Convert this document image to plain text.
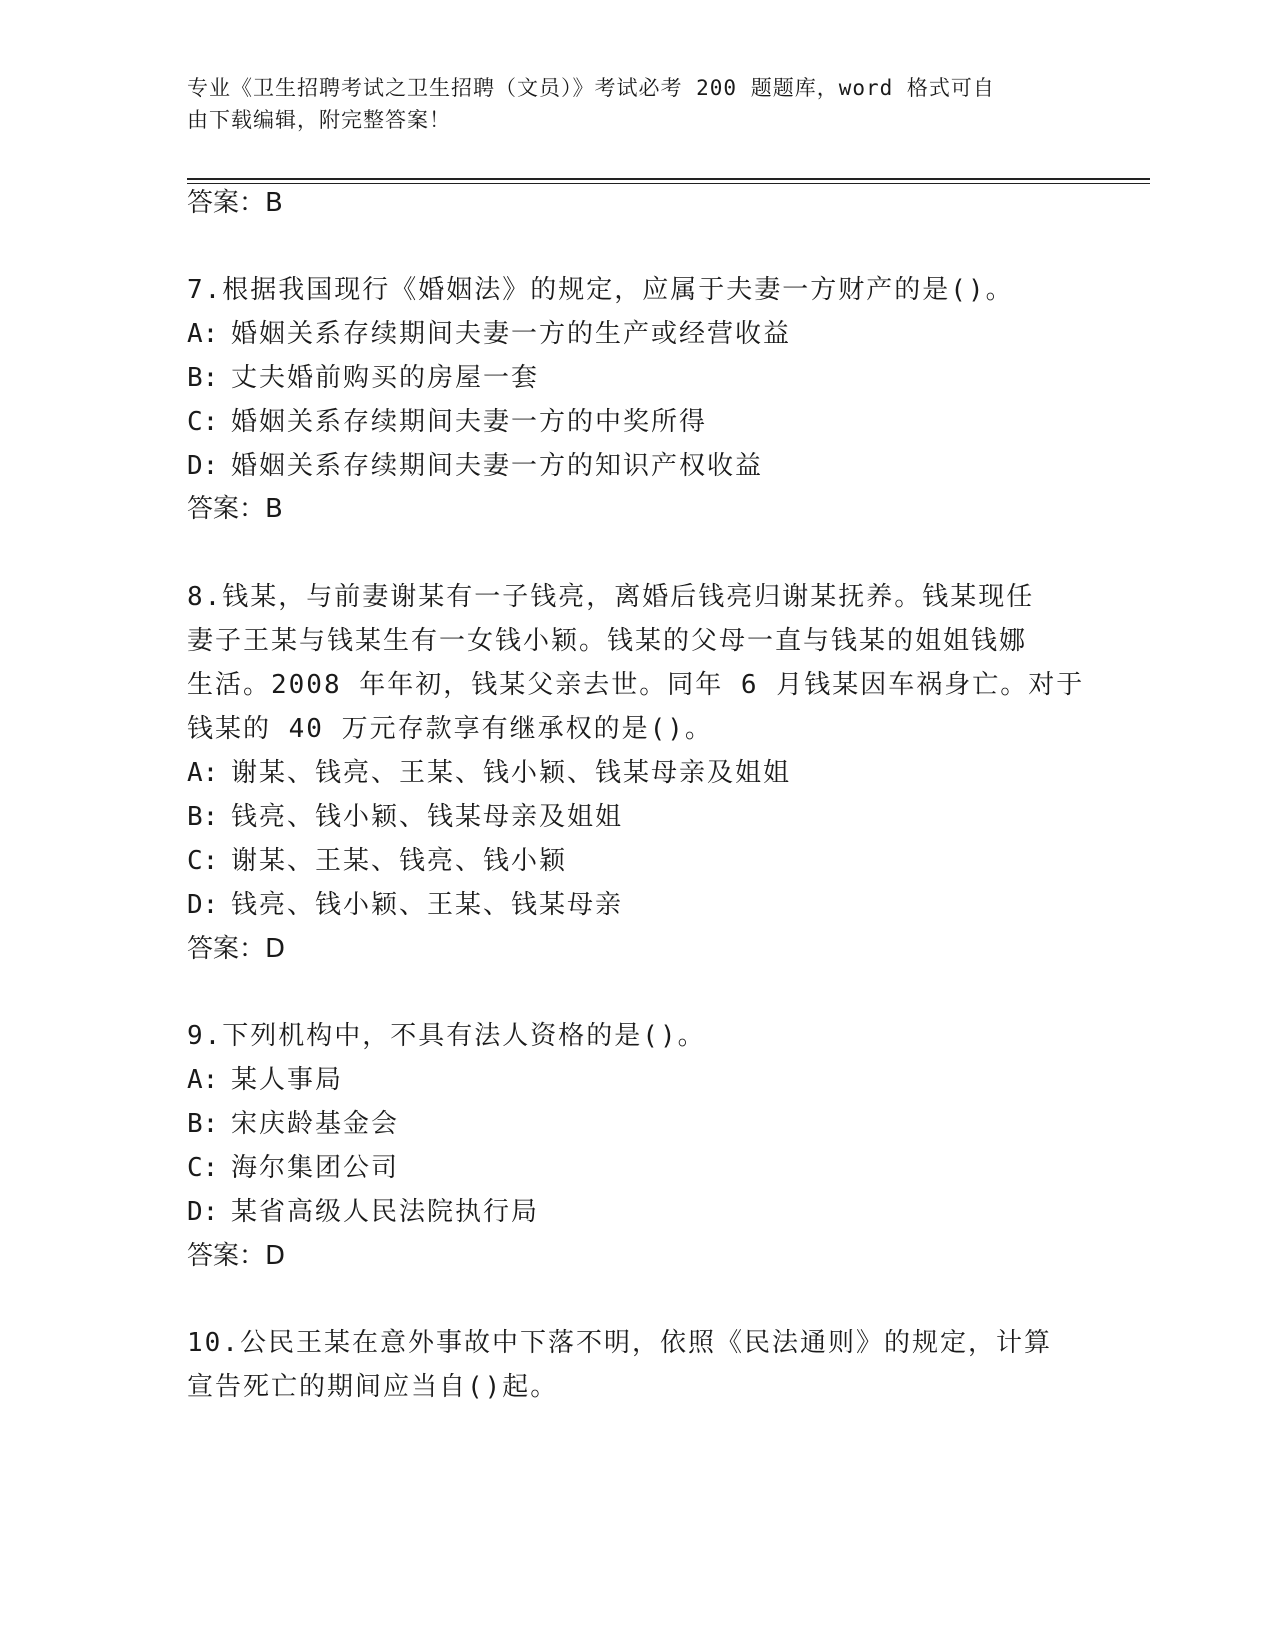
专业《卫生招聘考试之卫生招聘（文员）》考试必考 200 题题库，word 格式可自
由下载编辑，附完整答案！
答案：B
7.根据我国现行《婚姻法》的规定，应属于夫妻一方财产的是()。
A: 婚姻关系存续期间夫妻一方的生产或经营收益
B: 丈夫婚前购买的房屋一套
C: 婚姻关系存续期间夫妻一方的中奖所得
D: 婚姻关系存续期间夫妻一方的知识产权收益
答案：B
8.钱某，与前妻谢某有一子钱亮，离婚后钱亮归谢某抚养。钱某现任
妻子王某与钱某生有一女钱小颖。钱某的父母一直与钱某的姐姐钱娜
生活。2008 年年初，钱某父亲去世。同年 6 月钱某因车祸身亡。对于
钱某的 40 万元存款享有继承权的是()。
A: 谢某、钱亮、王某、钱小颖、钱某母亲及姐姐
B: 钱亮、钱小颖、钱某母亲及姐姐
C: 谢某、王某、钱亮、钱小颖
D: 钱亮、钱小颖、王某、钱某母亲
答案：D
9.下列机构中，不具有法人资格的是()。
A: 某人事局
B: 宋庆龄基金会
C: 海尔集团公司
D: 某省高级人民法院执行局
答案：D
10.公民王某在意外事故中下落不明，依照《民法通则》的规定，计算
宣告死亡的期间应当自()起。
